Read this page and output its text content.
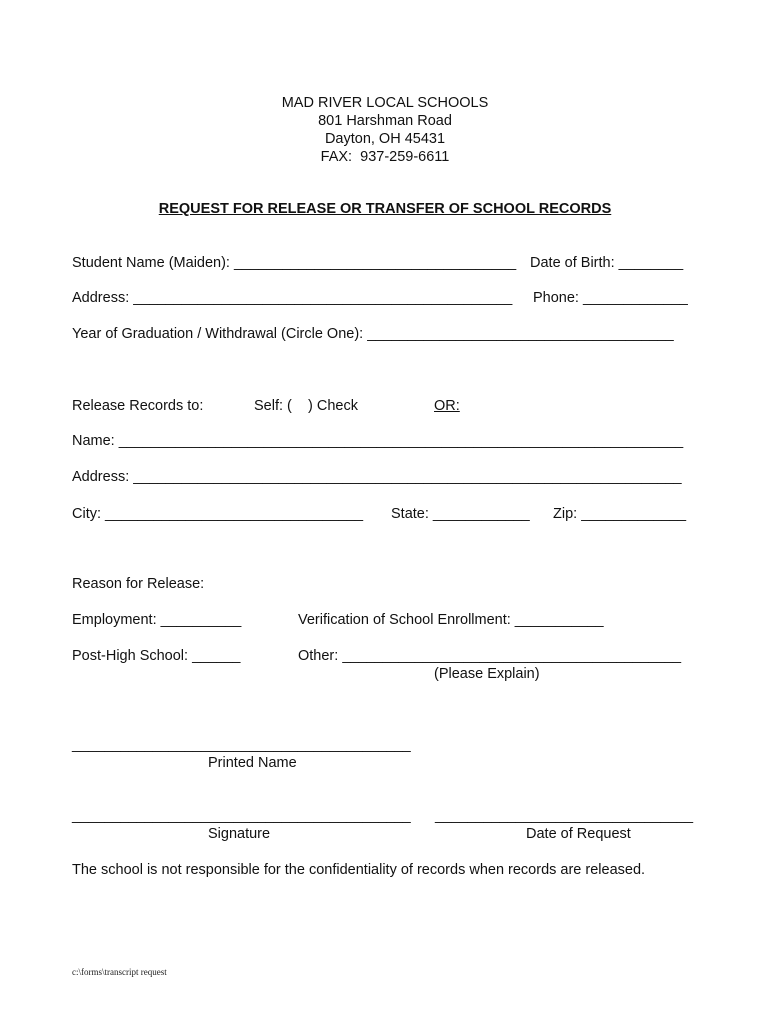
MAD RIVER LOCAL SCHOOLS
801 Harshman Road
Dayton, OH 45431
FAX:  937-259-6611
REQUEST FOR RELEASE OR TRANSFER OF SCHOOL RECORDS
Student Name (Maiden): ___________________________________ Date of Birth: ________
Address: _______________________________________________ Phone: _____________
Year of Graduation / Withdrawal (Circle One): ______________________________________
Release Records to:	Self: (    ) Check	OR:
Name: ______________________________________________________________________
Address: ____________________________________________________________________
City: ________________________________ State: ____________ Zip: _____________
Reason for Release:
Employment: __________	Verification of School Enrollment: ___________
Post-High School: ______	Other: __________________________________________
(Please Explain)
__________________________________________
Printed Name
__________________________________________
Signature
________________________________
Date of Request
The school is not responsible for the confidentiality of records when records are released.
c:\forms\transcript request
